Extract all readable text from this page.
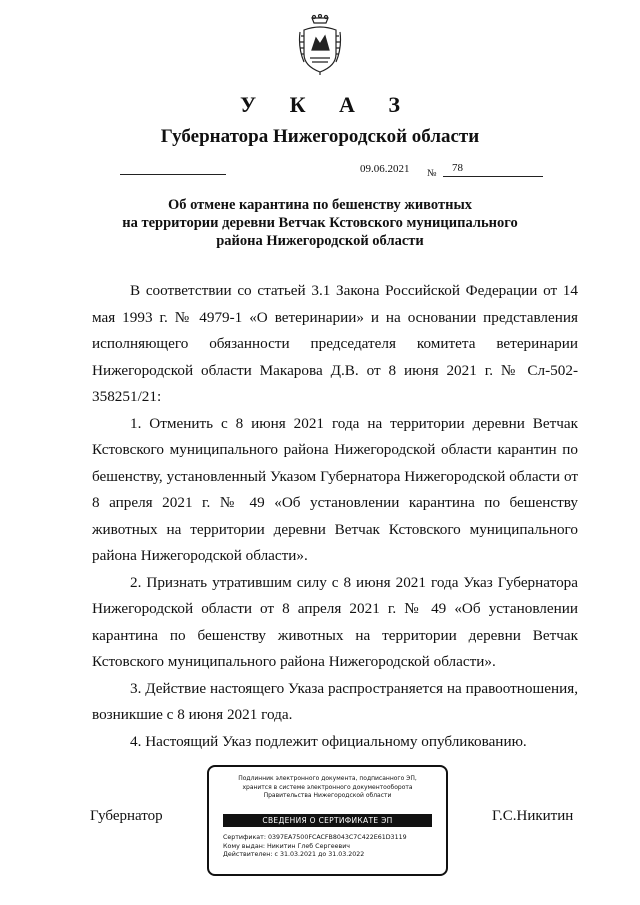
У К А З
Губернатора Нижегородской области
09.06.2021 № 78
Об отмене карантина по бешенству животных
на территории деревни Ветчак Кстовского муниципального
района Нижегородской области

В соответствии со статьей 3.1 Закона Российской Федерации от 14 мая 1993 г. № 4979-1 «О ветеринарии» и на основании представления исполняющего обязанности председателя комитета ветеринарии Нижегородской области Макарова Д.В. от 8 июня 2021 г. № Сл-502-358251/21:

1. Отменить с 8 июня 2021 года на территории деревни Ветчак Кстовского муниципального района Нижегородской области карантин по бешенству, установленный Указом Губернатора Нижегородской области от 8 апреля 2021 г. № 49 «Об установлении карантина по бешенству животных на территории деревни Ветчак Кстовского муниципального района Нижегородской области».

2. Признать утратившим силу с 8 июня 2021 года Указ Губернатора Нижегородской области от 8 апреля 2021 г. № 49 «Об установлении карантина по бешенству животных на территории деревни Ветчак Кстовского муниципального района Нижегородской области».

3. Действие настоящего Указа распространяется на правоотношения, возникшие с 8 июня 2021 года.

4. Настоящий Указ подлежит официальному опубликованию.

Губернатор	Г.С.Никитин
Подлинник электронного документа, подписанного ЭП,
хранится в системе электронного документооборота
Правительства Нижегородской области
СВЕДЕНИЯ О СЕРТИФИКАТЕ ЭП
Сертификат: 0397EA7500FCACFB8043C7C422E61D3119
Кому выдан: Никитин Глеб Сергеевич
Действителен: с 31.03.2021 до 31.03.2022
